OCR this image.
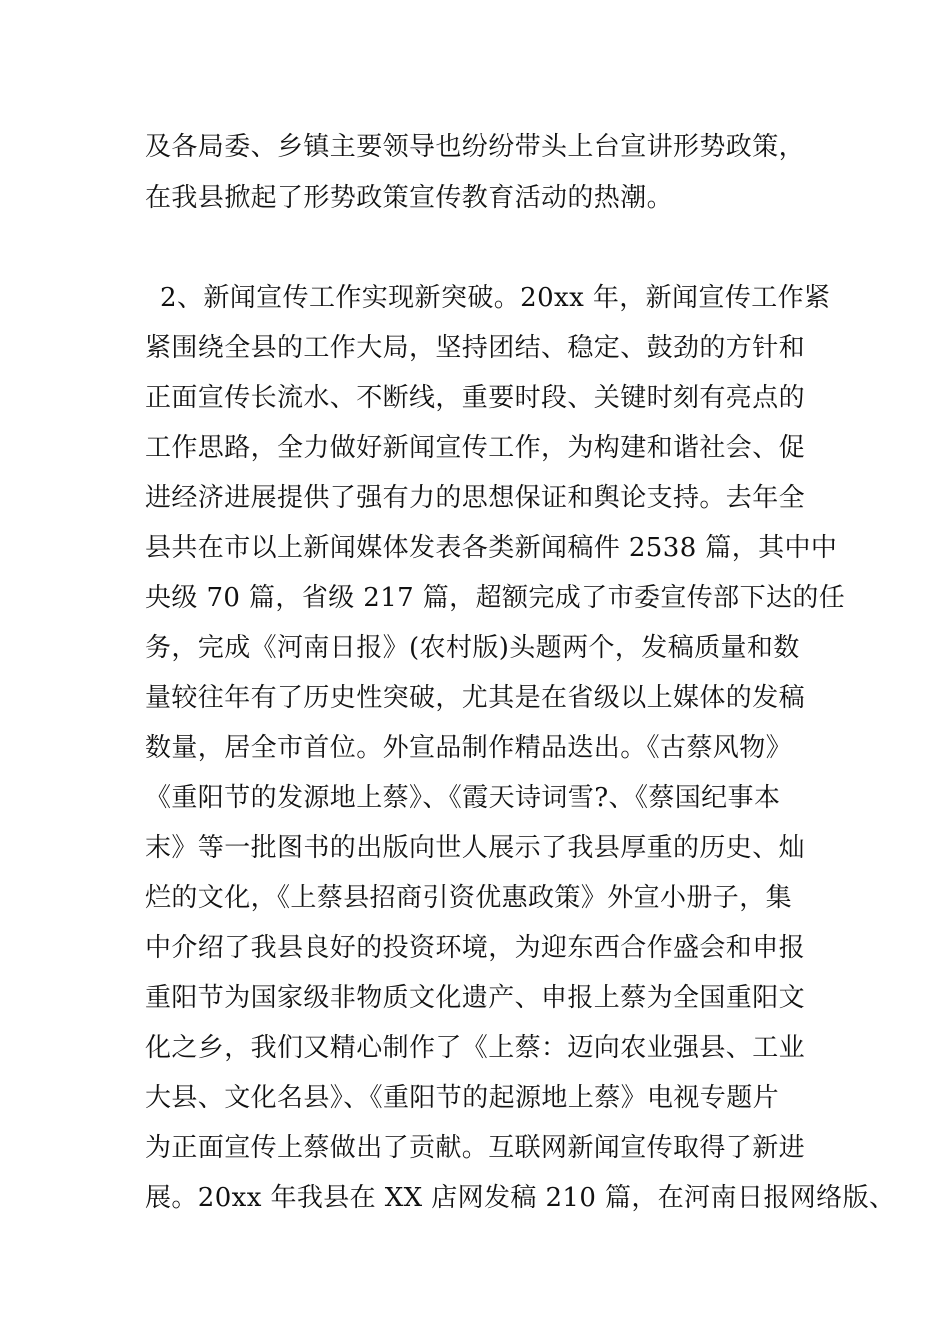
及各局委、乡镇主要领导也纷纷带头上台宣讲形势政策，
在我县掀起了形势政策宣传教育活动的热潮。
2、新闻宣传工作实现新突破。20xx 年，新闻宣传工作紧
紧围绕全县的工作大局，坚持团结、稳定、鼓劲的方针和
正面宣传长流水、不断线，重要时段、关键时刻有亮点的
工作思路，全力做好新闻宣传工作，为构建和谐社会、促
进经济进展提供了强有力的思想保证和舆论支持。去年全
县共在市以上新闻媒体发表各类新闻稿件 2538 篇，其中中
央级 70 篇，省级 217 篇，超额完成了市委宣传部下达的任
务，完成《河南日报》(农村版)头题两个，发稿质量和数
量较往年有了历史性突破，尤其是在省级以上媒体的发稿
数量，居全市首位。外宣品制作精品迭出。《古蔡风物》
《重阳节的发源地上蔡》、《霞天诗词雪?、《蔡国纪事本
末》等一批图书的出版向世人展示了我县厚重的历史、灿
烂的文化，《上蔡县招商引资优惠政策》外宣小册子，集
中介绍了我县良好的投资环境，为迎东西合作盛会和申报
重阳节为国家级非物质文化遗产、申报上蔡为全国重阳文
化之乡，我们又精心制作了《上蔡：迈向农业强县、工业
大县、文化名县》、《重阳节的起源地上蔡》电视专题片
为正面宣传上蔡做出了贡献。互联网新闻宣传取得了新进
展。20xx 年我县在 XX 店网发稿 210 篇，在河南日报网络版、
